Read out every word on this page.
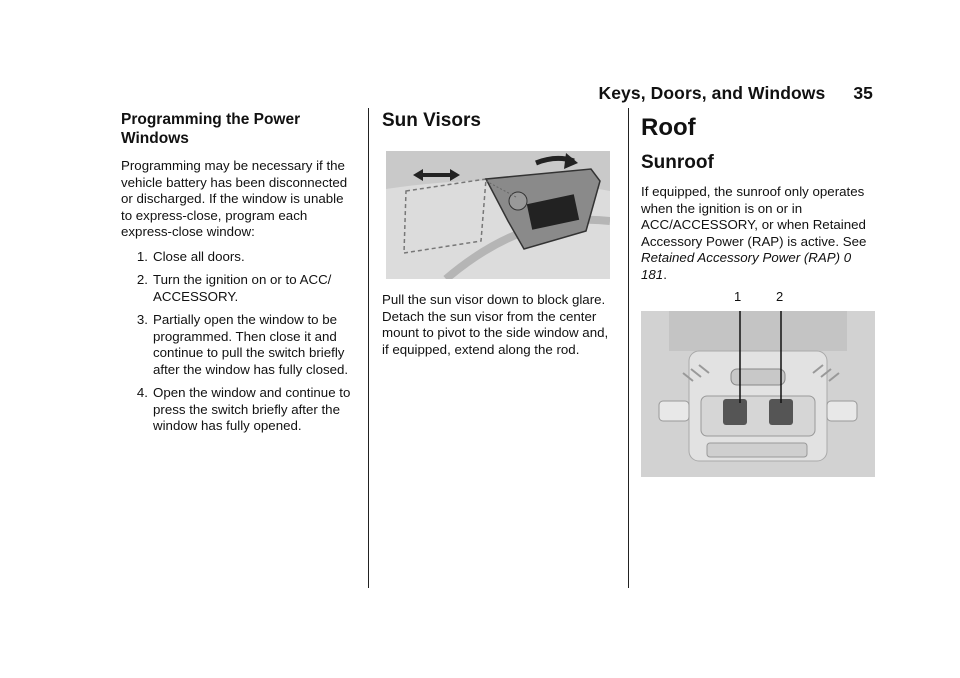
Keys, Doors, and Windows 35
Programming the Power Windows

Programming may be necessary if the vehicle battery has been disconnected or discharged. If the window is unable to express-close, program each express-close window:

1. Close all doors.
2. Turn the ignition on or to ACC/ ACCESSORY.
3. Partially open the window to be programmed. Then close it and continue to pull the switch briefly after the window has fully closed.
4. Open the window and continue to press the switch briefly after the window has fully opened.
Sun Visors

Pull the sun visor down to block glare. Detach the sun visor from the center mount to pivot to the side window and, if equipped, extend along the rod.

Roof
Sunroof

If equipped, the sunroof only operates when the ignition is on or in ACC/ACCESSORY, or when Retained Accessory Power (RAP) is active. See Retained Accessory Power (RAP) 0 181.

1	2
